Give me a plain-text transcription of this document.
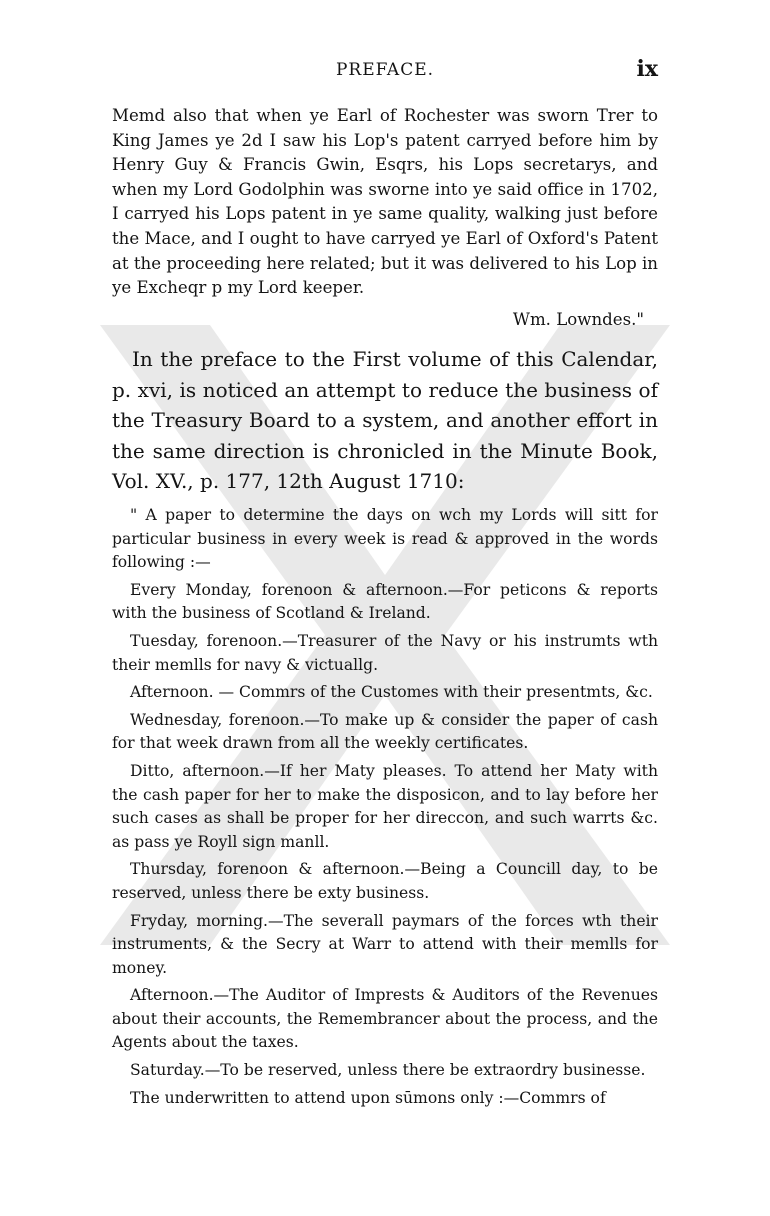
PREFACE.	ix

Memd also that when ye Earl of Rochester was sworn Trer to King James ye 2d I saw his Lop's patent carryed before him by Henry Guy & Francis Gwin, Esqrs, his Lops secretarys, and when my Lord Godolphin was sworne into ye said office in 1702, I carryed his Lops patent in ye same quality, walking just before the Mace, and I ought to have carryed ye Earl of Oxford's Patent at the proceeding here related; but it was delivered to his Lop in ye Excheqr p my Lord keeper.

Wm. Lowndes."

In the preface to the First volume of this Calendar, p. xvi, is noticed an attempt to reduce the business of the Treasury Board to a system, and another effort in the same direction is chronicled in the Minute Book, Vol. XV., p. 177, 12th August 1710:

" A paper to determine the days on wch my Lords will sitt for particular business in every week is read & approved in the words following :—

Every Monday, forenoon & afternoon.—For peticons & reports with the business of Scotland & Ireland.

Tuesday, forenoon.—Treasurer of the Navy or his instrumts wth their memlls for navy & victuallg.

Afternoon. — Commrs of the Customes with their presentmts, &c.

Wednesday, forenoon.—To make up & consider the paper of cash for that week drawn from all the weekly certificates.

Ditto, afternoon.—If her Maty pleases. To attend her Maty with the cash paper for her to make the disposicon, and to lay before her such cases as shall be proper for her direccon, and such warrts &c. as pass ye Royll sign manll.

Thursday, forenoon & afternoon.—Being a Councill day, to be reserved, unless there be exty business.

Fryday, morning.—The severall paymars of the forces wth their instruments, & the Secry at Warr to attend with their memlls for money.

Afternoon.—The Auditor of Imprests & Auditors of the Revenues about their accounts, the Remembrancer about the process, and the Agents about the taxes.

Saturday.—To be reserved, unless there be extraordry businesse.

The underwritten to attend upon sūmons only :—Commrs of
